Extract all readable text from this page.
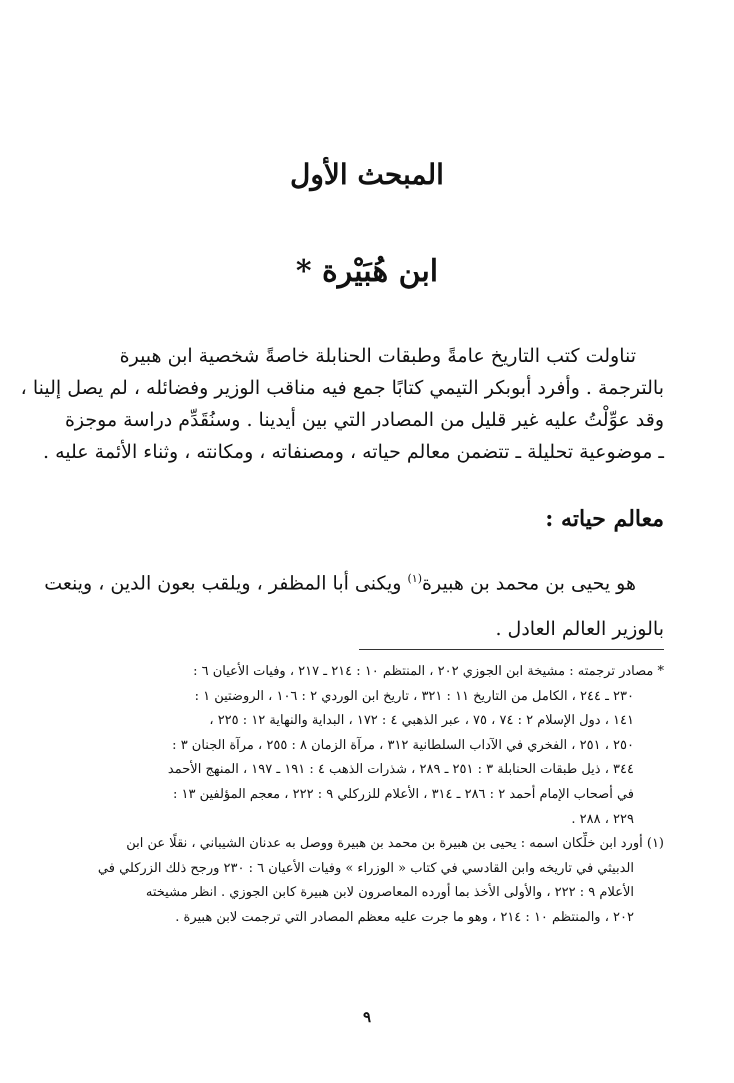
المبحث الأول
ابن هُبَيْرة *
تناولت كتب التاريخ عامةً وطبقات الحنابلة خاصةً شخصية ابن هبيرة
بالترجمة . وأفرد أبوبكر التيمي كتابًا جمع فيه مناقب الوزير وفضائله ، لم يصل إلينا ،
وقد عوِّلْتُ عليه غير قليل من المصادر التي بين أيدينا . وسنُقَدِّم دراسة موجزة
ـ موضوعية تحليلة ـ تتضمن معالم حياته ، ومصنفاته ، ومكانته ، وثناء الأئمة عليه .
معالم حياته :
هو يحيى بن محمد بن هبيرة$^{(١)}$ ويكنى أبا المظفر ، ويلقب بعون الدين ، وينعت
بالوزير العالم العادل .
* مصادر ترجمته : مشيخة ابن الجوزي ٢٠٢ ، المنتظم ١٠ : ٢١٤ ـ ٢١٧ ، وفيات الأعيان ٦ :
٢٣٠ ـ ٢٤٤ ، الكامل من التاريخ ١١ : ٣٢١ ، تاريخ ابن الوردي ٢ : ١٠٦ ، الروضتين ١ :
١٤١ ، دول الإسلام ٢ : ٧٤ ، ٧٥ ، عبر الذهبي ٤ : ١٧٢ ، البداية والنهاية ١٢ : ٢٢٥ ،
٢٥٠ ، ٢٥١ ، الفخري في الآداب السلطانية ٣١٢ ، مرآة الزمان ٨ : ٢٥٥ ، مرآة الجنان ٣ :
٣٤٤ ، ذيل طبقات الحنابلة ٣ : ٢٥١ ـ ٢٨٩ ، شذرات الذهب ٤ : ١٩١ ـ ١٩٧ ، المنهج الأحمد
في أصحاب الإمام أحمد ٢ : ٢٨٦ ـ ٣١٤ ، الأعلام للزركلي ٩ : ٢٢٢ ، معجم المؤلفين ١٣ :
٢٢٩ ، ٢٨٨ .
(١) أورد ابن خلِّكان اسمه : يحيى بن هبيرة بن محمد بن هبيرة ووصل به عدنان الشيباني ، نقلًا عن ابن
الدبيثي في تاريخه وابن القادسي في كتاب « الوزراء » وفيات الأعيان ٦ : ٢٣٠ ورجح ذلك الزركلي في
الأعلام ٩ : ٢٢٢ ، والأولى الأخذ بما أورده المعاصرون لابن هبيرة كابن الجوزي . انظر مشيخته
٢٠٢ ، والمنتظم ١٠ : ٢١٤ ، وهو ما جرت عليه معظم المصادر التي ترجمت لابن هبيرة .
٩
